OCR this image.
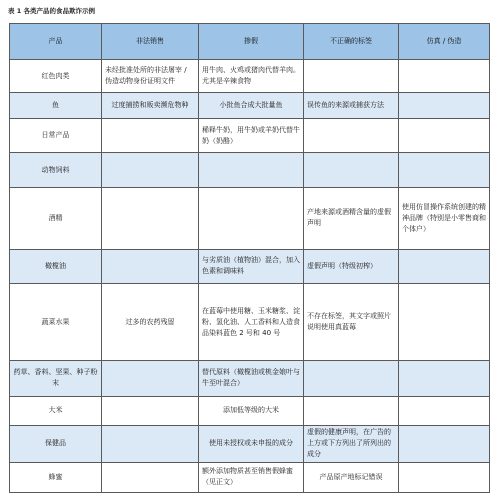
表 1 各类产品的食品欺诈示例
产品	非法销售	掺假	不正确的标签	仿真 / 伪造
红色肉类	未经批准处所的非法屠宰 / 伪造动物身份证明文件	用牛肉、火鸡或猪肉代替羊肉。尤其是辛辣食物		
鱼	过度捕捞和贩卖濒危物种	小批鱼合成大批量鱼	误传鱼的来源或捕获方法	
日常产品		稀释牛奶，用牛奶或羊奶代替牛奶（奶酪）		
动物饲料				
酒精			产地来源或酒精含量的虚假声明	使用仿冒操作系统创建的精神品牌（特别是小零售商和个体户）
橄榄油		与劣质油（植物油）混合，加入色素和调味料	虚假声明（特级初榨）	
蔬菜水果	过多的农药残留	在蓝莓中使用糖、玉米糖浆、淀粉、氢化油、人工香料和人造食品染料蓝色 2 号和 40 号	不存在标签，其文字或照片说明使用真蓝莓	
药草、香料、坚果、种子粉末		替代原料（橄榄油或桃金娘叶与牛至叶混合）		
大米		添加低等级的大米		
保健品		使用未授权或未申报的成分	虚假的健康声明，在广告的上方或下方列出了所列出的成分	
蜂蜜		额外添加物质甚至销售假蜂蜜（见正文）	产品原产地标记错误	
